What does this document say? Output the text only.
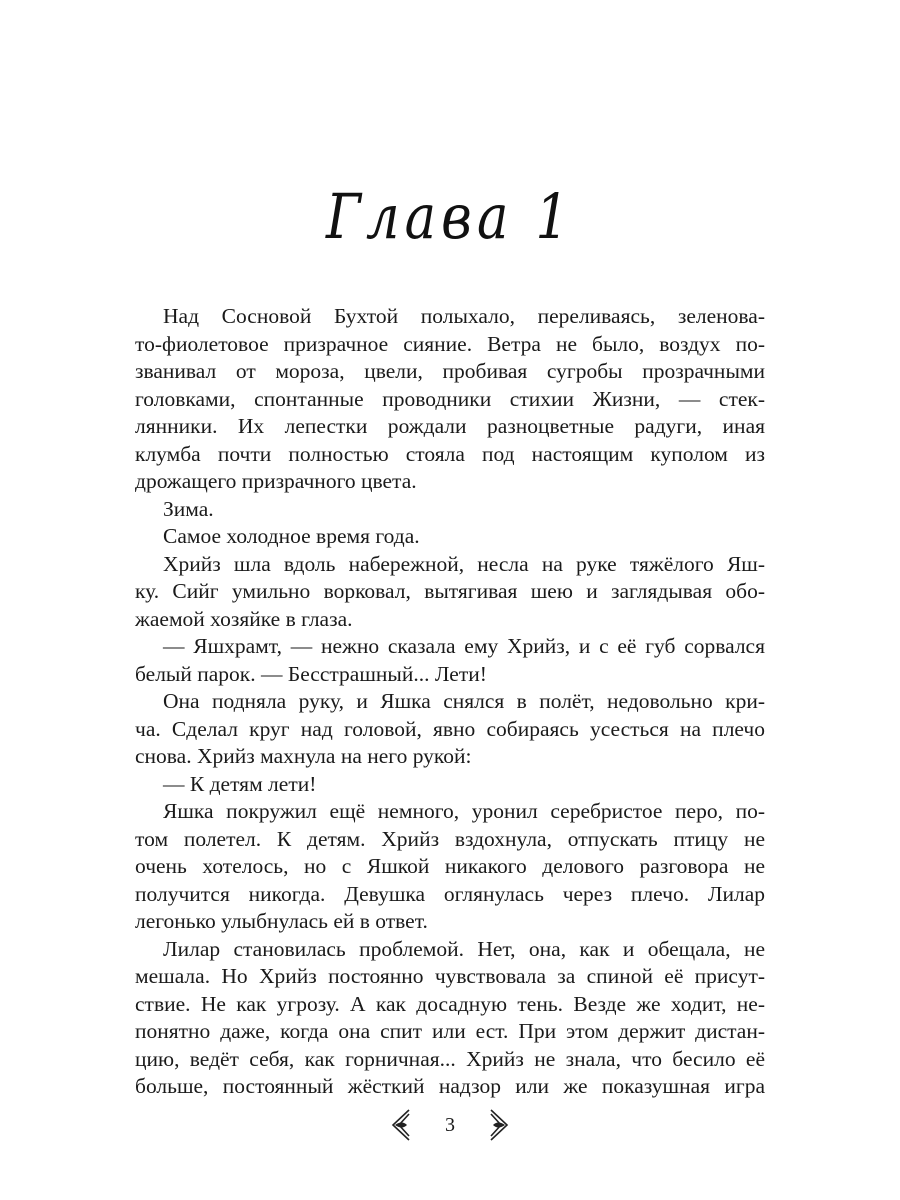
Глава 1
Над Сосновой Бухтой полыхало, переливаясь, зеленова-
то-фиолетовое призрачное сияние. Ветра не было, воздух по-
званивал от мороза, цвели, пробивая сугробы прозрачными
головками, спонтанные проводники стихии Жизни, — стек-
лянники. Их лепестки рождали разноцветные радуги, иная
клумба почти полностью стояла под настоящим куполом из
дрожащего призрачного цвета.
Зима.
Самое холодное время года.
Хрийз шла вдоль набережной, несла на руке тяжёлого Яш-
ку. Сийг умильно ворковал, вытягивая шею и заглядывая обо-
жаемой хозяйке в глаза.
— Яшхрамт, — нежно сказала ему Хрийз, и с её губ сорвался
белый парок. — Бесстрашный... Лети!
Она подняла руку, и Яшка снялся в полёт, недовольно кри-
ча. Сделал круг над головой, явно собираясь усесться на плечо
снова. Хрийз махнула на него рукой:
— К детям лети!
Яшка покружил ещё немного, уронил серебристое перо, по-
том полетел. К детям. Хрийз вздохнула, отпускать птицу не
очень хотелось, но с Яшкой никакого делового разговора не
получится никогда. Девушка оглянулась через плечо. Лилар
легонько улыбнулась ей в ответ.
Лилар становилась проблемой. Нет, она, как и обещала, не
мешала. Но Хрийз постоянно чувствовала за спиной её присут-
ствие. Не как угрозу. А как досадную тень. Везде же ходит, не-
понятно даже, когда она спит или ест. При этом держит дистан-
цию, ведёт себя, как горничная... Хрийз не знала, что бесило её
больше, постоянный жёсткий надзор или же показушная игра
3
